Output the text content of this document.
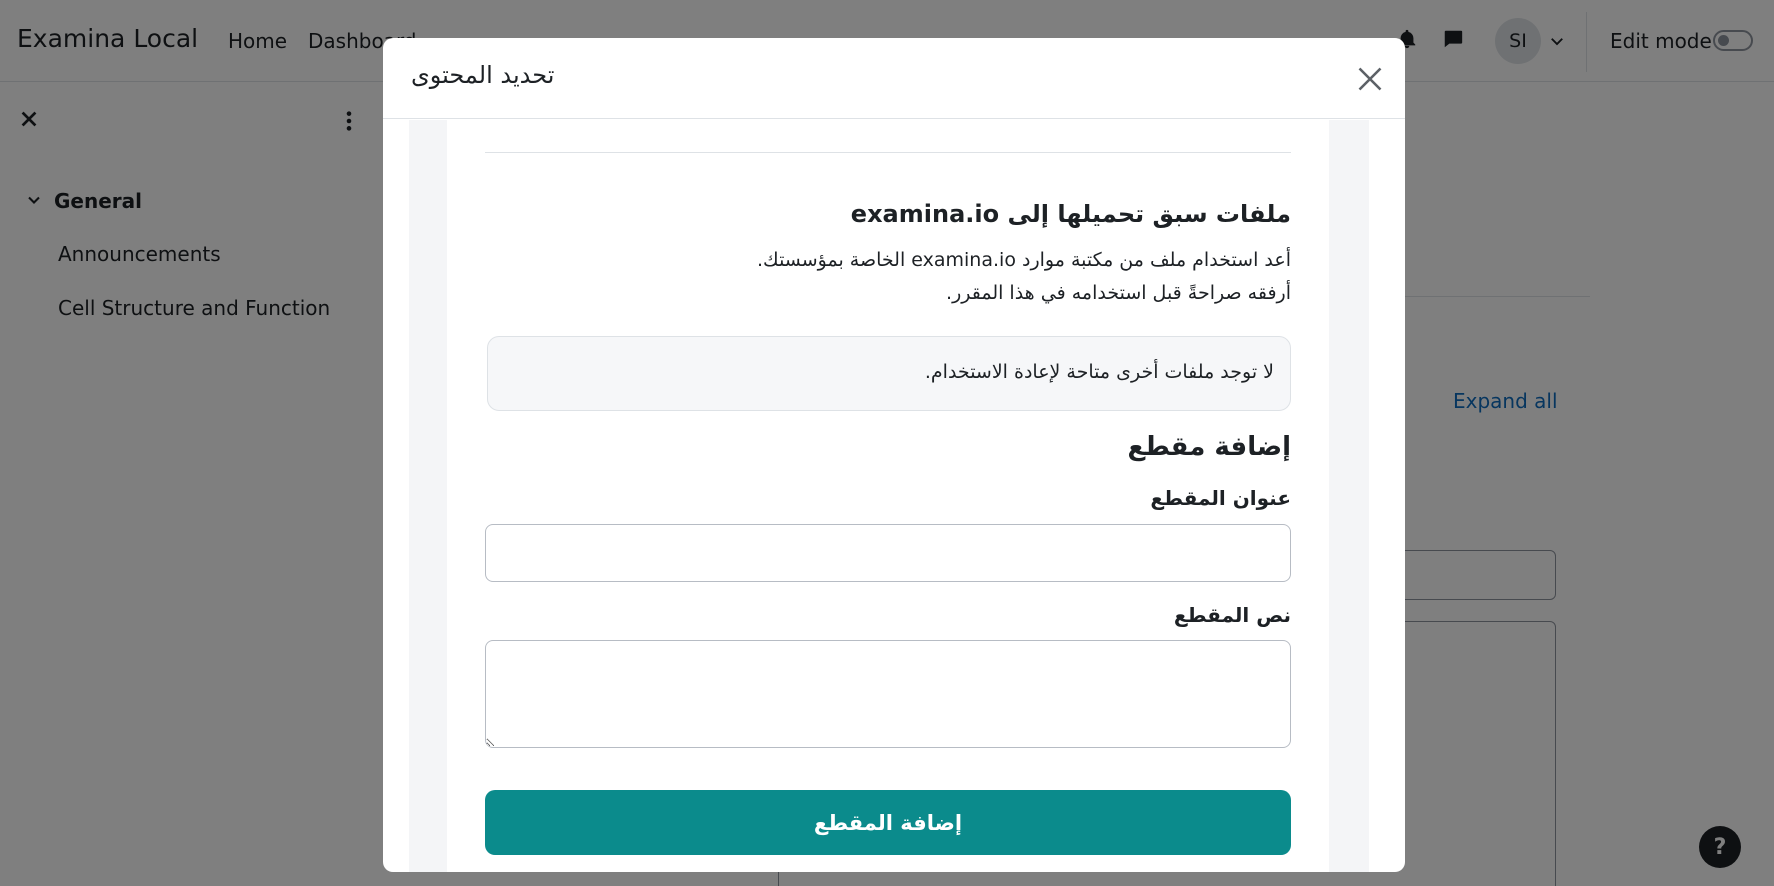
تحديد المحتوى
ملفات سبق تحميلها إلى examina.io
أعد استخدام ملف من مكتبة موارد examina.io الخاصة بمؤسستك.
أرفقه صراحةً قبل استخدامه في هذا المقرر.
لا توجد ملفات أخرى متاحة لإعادة الاستخدام.
إضافة مقطع
عنوان المقطع
نص المقطع
إضافة المقطع
